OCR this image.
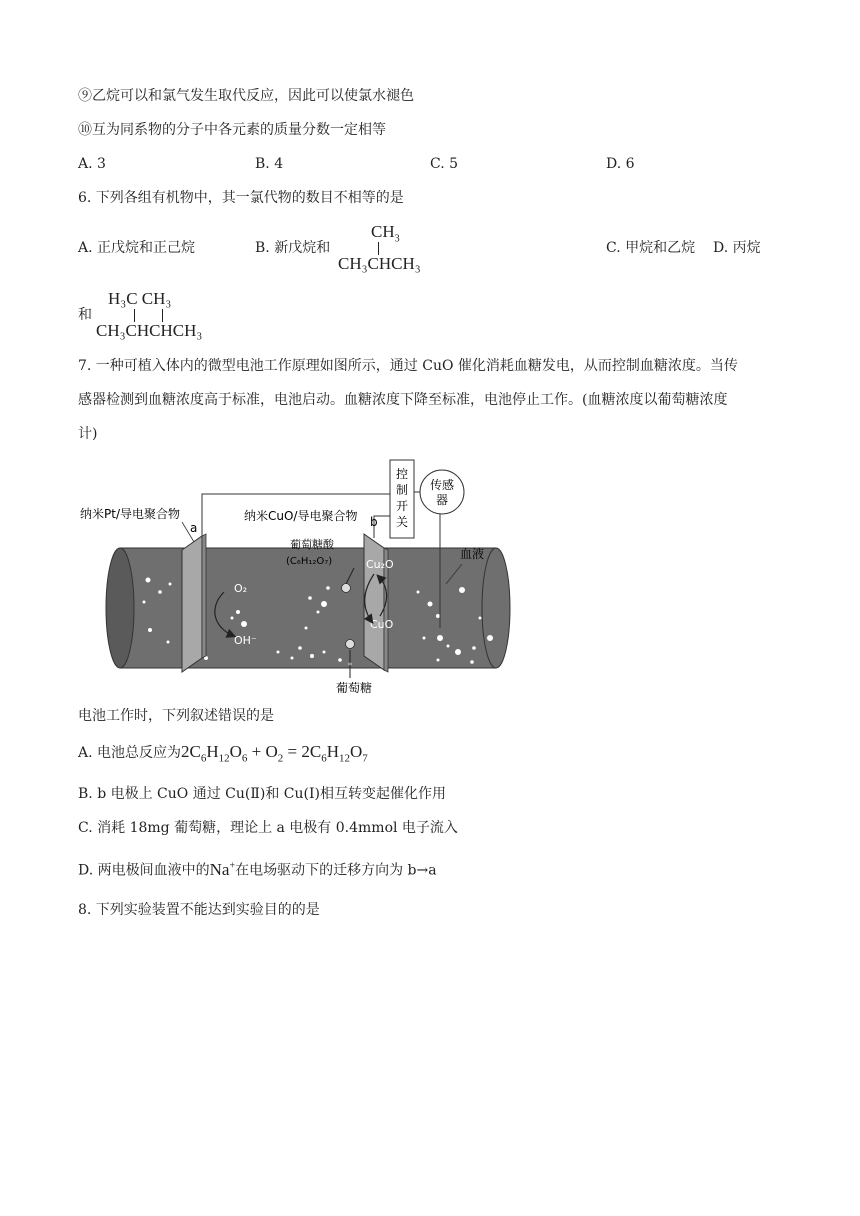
⑨乙烷可以和氯气发生取代反应，因此可以使氯水褪色
⑩互为同系物的分子中各元素的质量分数一定相等
A. 3	B. 4	C. 5	D. 6
6. 下列各组有机物中，其一氯代物的数目不相等的是
A. 正戊烷和正己烷	B. 新戊烷和
$CH_3$
CH₃CHCH₃
C. 甲烷和乙烷 D. 丙烷
和
H₃C CH₃
CH₃CHCHCH₃
7. 一种可植入体内的微型电池工作原理如图所示，通过 CuO 催化消耗血糖发电，从而控制血糖浓度。当传
感器检测到血糖浓度高于标准，电池启动。血糖浓度下降至标准，电池停止工作。(血糖浓度以葡萄糖浓度
计)
控
制
开
关
传感
器
纳米Pt/导电聚合物
a
纳米CuO/导电聚合物 b
血液
葡萄糖酸
(C₆H₁₂O₇)
O₂
OH⁻
Cu₂O
CuO
葡萄糖
电池工作时，下列叙述错误的是
A. 电池总反应为$2C_6H_{12}O_6 + O_2 = 2C_6H_{12}O_7$
B. b 电极上 CuO 通过 Cu(Ⅱ)和 Cu(Ⅰ)相互转变起催化作用
C. 消耗 18mg 葡萄糖，理论上 a 电极有 0.4mmol 电子流入
D. 两电极间血液中的Na+在电场驱动下的迁移方向为 b→a
8. 下列实验装置不能达到实验目的的是
